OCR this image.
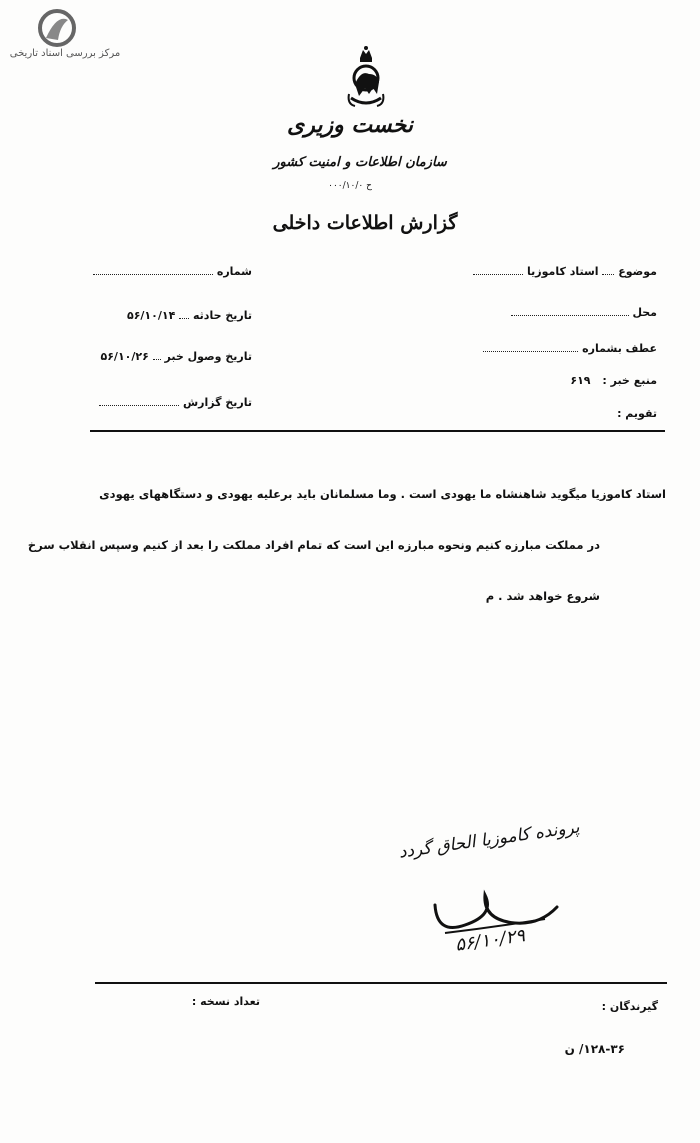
مرکز بررسی اسناد تاریخی
نخست وزیری
سازمان اطلاعات و امنیت کشور
۰۰۰/۱۰/۰ ح
گزارش اطلاعات داخلی
موضوع  استاد کاموزیا
محل
عطف بشماره
منبع خبر : ۶۱۹
تقویم :
شماره
تاریخ حادثه  ۵۶/۱۰/۱۴
تاریخ وصول خبر  ۵۶/۱۰/۲۶
تاریخ گزارش
استاد کاموزیا میگوید شاهنشاه ما یهودی است . وما مسلمانان باید برعلیه یهودی و دستگاههای یهودی
در مملکت مبارزه کنیم ونحوه مبارزه این است که تمام افراد مملکت را بعد از کنیم وسپس انقلاب سرخ
شروع خواهد شد . م
پرونده کاموزیا الحاق گردد
۵۶/۱۰/۲۹
گیرندگان :
تعداد نسخه :
۱۲۸-۳۶/ ن
